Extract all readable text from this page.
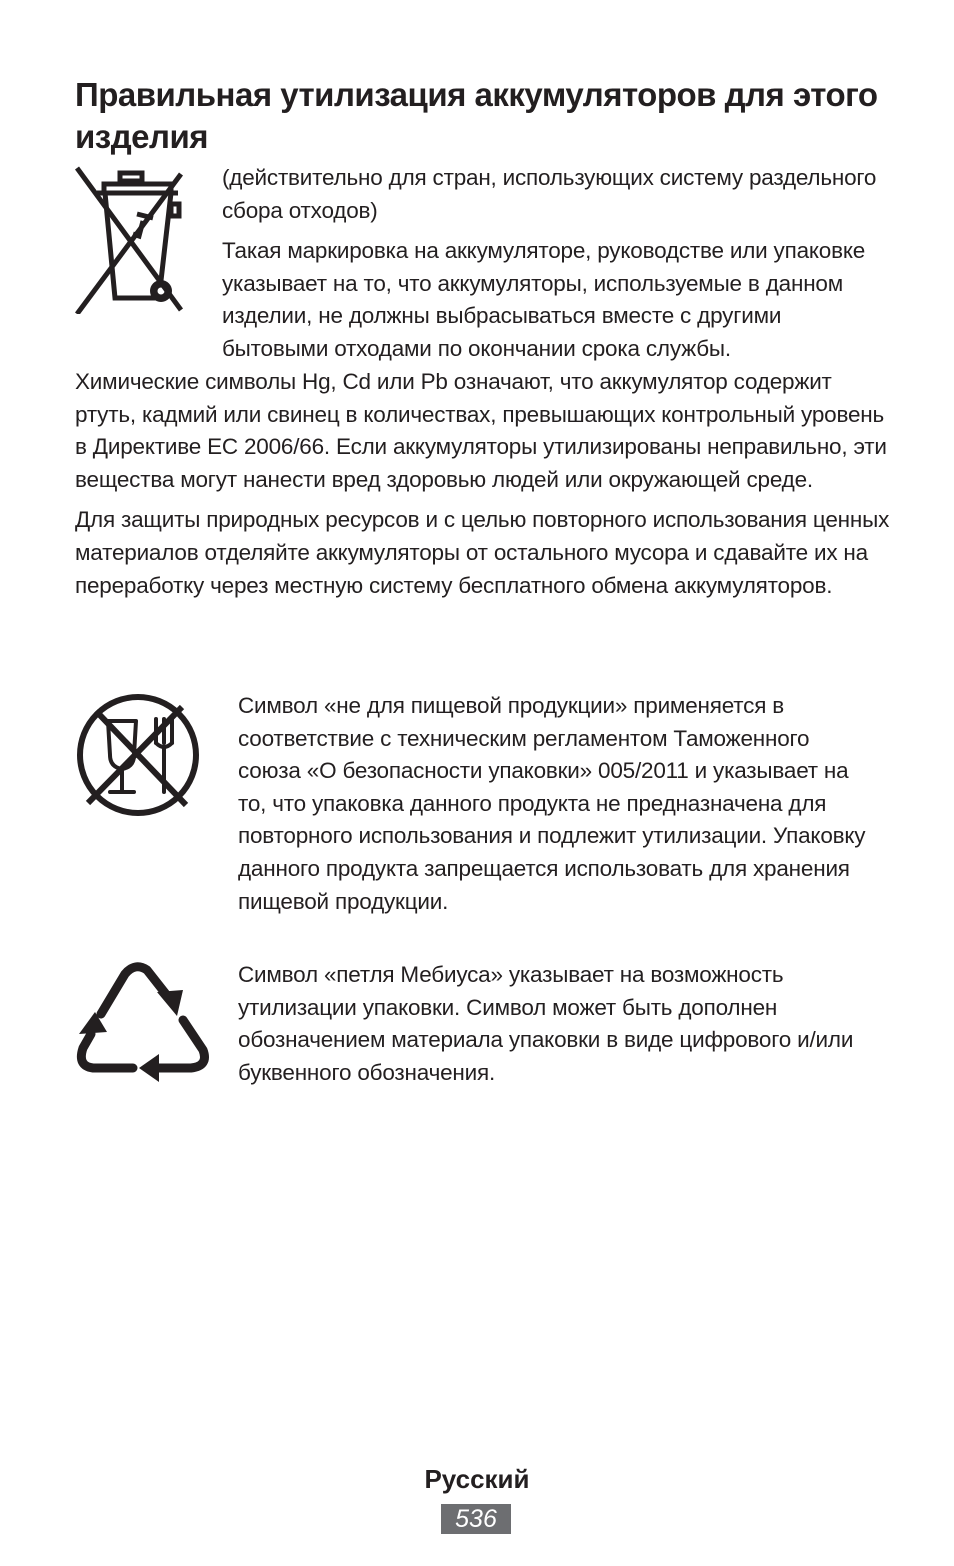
Правильная утилизация аккумуляторов для этого изделия

(действительно для стран, использующих систему раздельного сбора отходов)

Такая маркировка на аккумуляторе, руководстве или упаковке указывает на то, что аккумуляторы, используемые в данном изделии, не должны выбрасываться вместе с другими бытовыми отходами по окончании срока службы.

Химические символы Hg, Cd или Pb означают, что аккумулятор содержит ртуть, кадмий или свинец в количествах, превышающих контрольный уровень в Директиве ЕС 2006/66. Если аккумуляторы утилизированы неправильно, эти вещества могут нанести вред здоровью людей или окружающей среде.

Для защиты природных ресурсов и с целью повторного использования ценных материалов отделяйте аккумуляторы от остального мусора и сдавайте их на переработку через местную систему бесплатного обмена аккумуляторов.

Символ «не для пищевой продукции» применяется в соответствие с техническим регламентом Таможенного союза «О безопасности упаковки» 005/2011 и указывает на то, что упаковка данного продукта не предназначена для повторного использования и подлежит утилизации. Упаковку данного продукта запрещается использовать для хранения пищевой продукции.

Символ «петля Мебиуса» указывает на возможность утилизации упаковки. Символ может быть дополнен обозначением материала упаковки в виде цифрового и/или буквенного обозначения.

Русский
536
